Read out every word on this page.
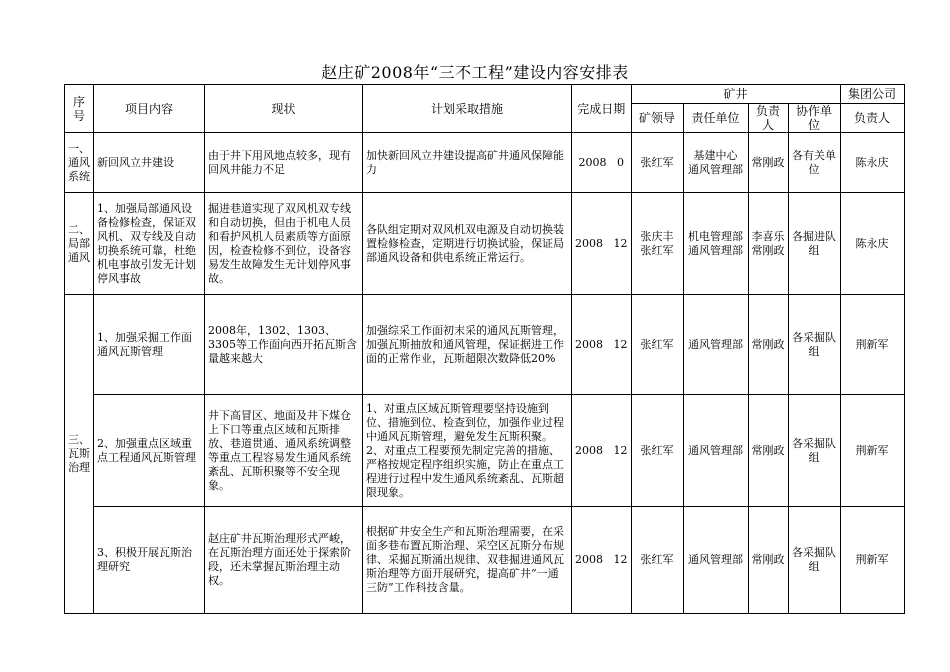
赵庄矿2008年“三不工程”建设内容安排表
序号	项目内容	现状	计划采取措施	完成日期	矿井				集团公司
					矿领导	责任单位	负责人	协作单位	负责人
一、通风系统	新回风立井建设	由于井下用风地点较多，现有回风井能力不足	加快新回风立井建设提高矿井通风保障能力	2008 0	张红军	基建中心 通风管理部	常刚政	各有关单位	陈永庆
二、局部通风	1、加强局部通风设备检修检查，保证双风机、双专线及自动切换系统可靠，杜绝机电事故引发无计划停风事故	掘进巷道实现了双风机双专线和自动切换，但由于机电人员和看护风机人员素质等方面原因，检查检修不到位，设备容易发生故障发生无计划停风事故。	各队组定期对双风机双电源及自动切换装置检修检查，定期进行切换试验，保证局部通风设备和供电系统正常运行。	2008 12	张庆丰 张红军	机电管理部 通风管理部	李喜乐 常刚政	各掘进队组	陈永庆
三、瓦斯治理	1、加强采掘工作面通风瓦斯管理	2008年，1302、1303、3305等工作面向西开拓瓦斯含量越来越大	加强综采工作面初末采的通风瓦斯管理，加强瓦斯抽放和通风管理，保证据进工作面的正常作业，瓦斯超限次数降低20%	2008 12	张红军	通风管理部	常刚政	各采掘队组	荆新军
	2、加强重点区域重点工程通风瓦斯管理	井下高冒区、地面及井下煤仓上下口等重点区域和瓦斯排放、巷道贯通、通风系统调整等重点工程容易发生通风系统紊乱、瓦斯积聚等不安全现象。	1、对重点区域瓦斯管理要坚持设施到位、措施到位、检查到位，加强作业过程中通风瓦斯管理，避免发生瓦斯积聚。
2、对重点工程要预先制定完善的措施、严格按规定程序组织实施，防止在重点工程进行过程中发生通风系统紊乱、瓦斯超限现象。	2008 12	张红军	通风管理部	常刚政	各采掘队组	荆新军
	3、积极开展瓦斯治理研究	赵庄矿井瓦斯治理形式严峻，在瓦斯治理方面还处于探索阶段，还未掌握瓦斯治理主动权。	根据矿井安全生产和瓦斯治理需要，在采面多巷布置瓦斯治理、采空区瓦斯分布规律、采掘瓦斯涌出规律、双巷掘进通风瓦斯治理等方面开展研究，提高矿井“一通三防”工作科技含量。	2008 12	张红军	通风管理部	常刚政	各采掘队组	荆新军
